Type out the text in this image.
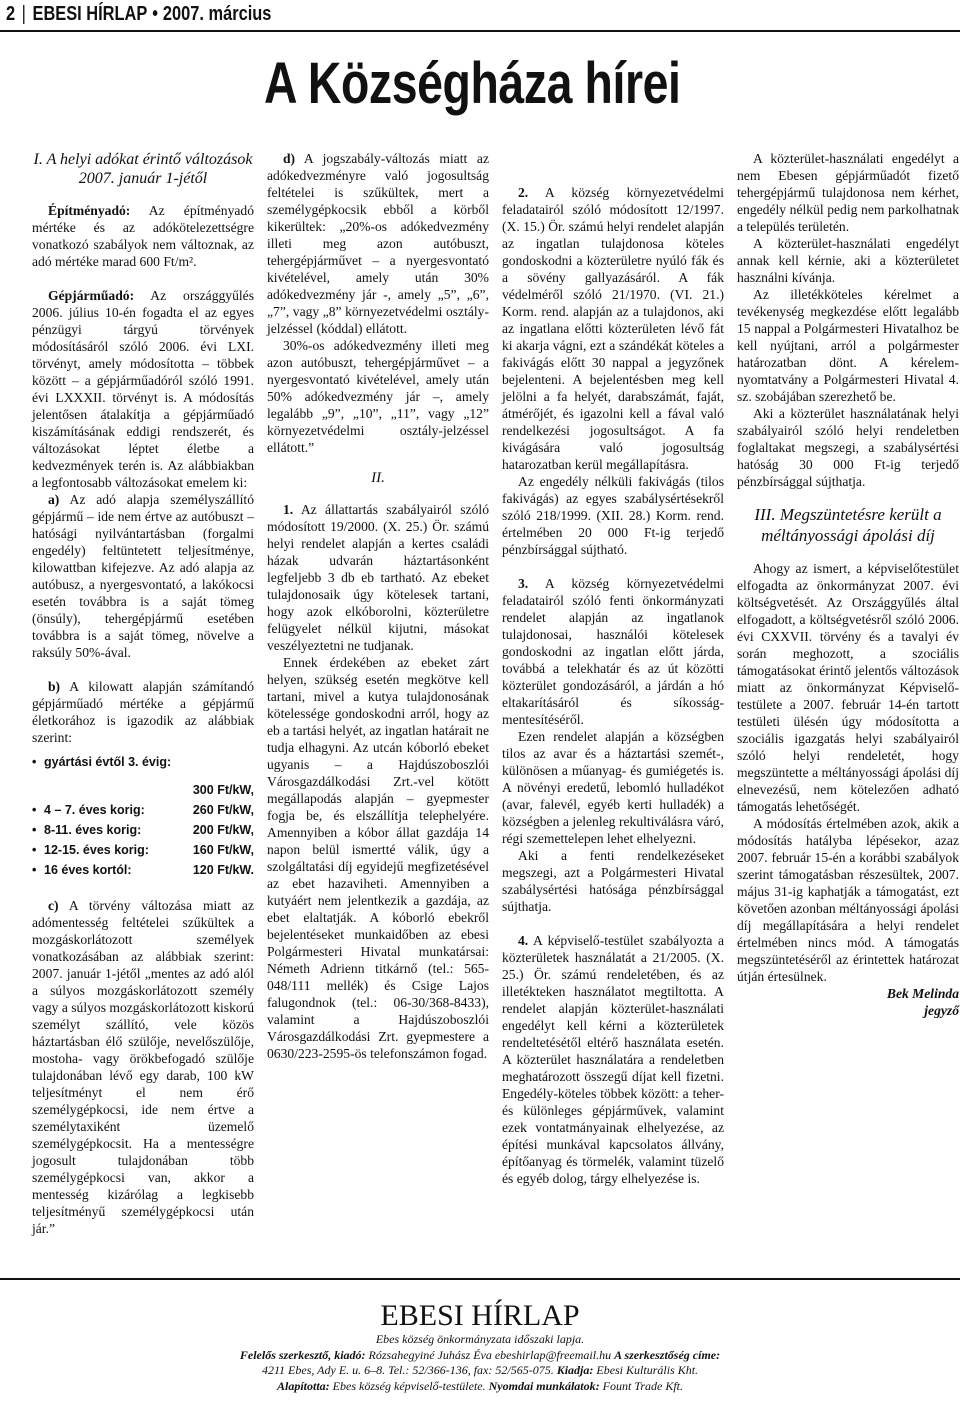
2 | EBESI HÍRLAP • 2007. március
A Községháza hírei
I. A helyi adókat érintő változások 2007. január 1-jétől

Építményadó: Az építményadó mértéke és az adókötelezettségre vonatkozó szabályok nem változnak, az adó mértéke marad 600 Ft/m².

Gépjárműadó: Az országgyűlés 2006. július 10-én fogadta el az egyes pénzügyi tárgyú törvények módosításáról szóló 2006. évi LXI. törvényt, amely módosította – többek között – a gépjárműadóról szóló 1991. évi LXXXII. törvényt is. A módosítás jelentősen átalakítja a gépjárműadó kiszámításának eddigi rendszerét, és változásokat léptet életbe a kedvezmények terén is. Az alábbiakban a legfontosabb változásokat emelem ki:

a) Az adó alapja személyszállító gépjármű – ide nem értve az autóbuszt – hatósági nyilvántartásban (forgalmi engedély) feltüntetett teljesítménye, kilowattban kifejezve. Az adó alapja az autóbusz, a nyergesvontató, a lakókocsi esetén továbbra is a saját tömeg (önsúly), tehergépjármű esetében továbbra is a saját tömeg, növelve a raksúly 50%-ával.

b) A kilowatt alapján számítandó gépjárműadó mértéke a gépjármű életkorához is igazodik az alábbiak szerint:

• gyártási évtől 3. évig:
300 Ft/kW,
• 4 – 7. éves korig:	260 Ft/kW,
• 8-11. éves korig:	200 Ft/kW,
• 12-15. éves korig:	160 Ft/kW,
• 16 éves kortól:	120 Ft/kW.

c) A törvény változása miatt az adómentesség feltételei szűkültek a mozgáskorlátozott személyek vonatkozásában az alábbiak szerint: 2007. január 1-jétől „mentes az adó alól a súlyos mozgáskorlátozott személy vagy a súlyos mozgáskorlátozott kiskorú személyt szállító, vele közös háztartásban élő szülője, nevelőszülője, mostoha- vagy örökbefogadó szülője tulajdonában lévő egy darab, 100 kW teljesítményt el nem érő személygépkocsi, ide nem értve a személytaxiként üzemelő személygépkocsit. Ha a mentességre jogosult tulajdonában több személygépkocsi van, akkor a mentesség kizárólag a legkisebb teljesítményű személygépkocsi után jár.”

d) A jogszabály-változás miatt az adókedvezményre való jogosultság feltételei is szűkültek, mert a személygépkocsik ebből a körből kikerültek: „20%-os adókedvezmény illeti meg azon autóbuszt, tehergépjárművet – a nyergesvontató kivételével, amely után 30% adókedvezmény jár -, amely „5”, „6”, „7”, vagy „8” környezetvédelmi osztály-jelzéssel (kóddal) ellátott.

30%-os adókedvezmény illeti meg azon autóbuszt, tehergépjárművet – a nyergesvontató kivételével, amely után 50% adókedvezmény jár –, amely legalább „9”, „10”, „11”, vagy „12” környezetvédelmi osztály-jelzéssel ellátott.”

II.

1. Az állattartás szabályairól szóló módosított 19/2000. (X. 25.) Ör. számú helyi rendelet alapján a kertes családi házak udvarán háztartásonként legfeljebb 3 db eb tartható. Az ebeket tulajdonosaik úgy kötelesek tartani, hogy azok elkóborolni, közterületre felügyelet nélkül kijutni, másokat veszélyeztetni ne tudjanak.

Ennek érdekében az ebeket zárt helyen, szükség esetén megkötve kell tartani, mivel a kutya tulajdonosának kötelessége gondoskodni arról, hogy az eb a tartási helyét, az ingatlan határait ne tudja elhagyni. Az utcán kóborló ebeket ugyanis – a Hajdúszoboszlói Városgazdálkodási Zrt.-vel kötött megállapodás alapján – gyepmester fogja be, és elszállítja telephelyére. Amennyiben a kóbor állat gazdája 14 napon belül ismertté válik, úgy a szolgáltatási díj egyidejű megfizetésével az ebet hazaviheti. Amennyiben a kutyáért nem jelentkezik a gazdája, az ebet elaltatják. A kóborló ebekről bejelentéseket munkaidőben az ebesi Polgármesteri Hivatal munkatársai: Németh Adrienn titkárnő (tel.: 565-048/111 mellék) és Csige Lajos falugondnok (tel.: 06-30/368-8433), valamint a Hajdúszoboszlói Városgazdálkodási Zrt. gyepmestere a 0630/223-2595-ös telefonszámon fogad.

2. A község környezetvédelmi feladatairól szóló módosított 12/1997. (X. 15.) Ör. számú helyi rendelet alapján az ingatlan tulajdonosa köteles gondoskodni a közterületre nyúló fák és a sövény gallyazásáról. A fák védelméről szóló 21/1970. (VI. 21.) Korm. rend. alapján az a tulajdonos, aki az ingatlana előtti közterületen lévő fát ki akarja vágni, ezt a szándékát köteles a fakivágás előtt 30 nappal a jegyzőnek bejelenteni. A bejelentésben meg kell jelölni a fa helyét, darabszámát, faját, átmérőjét, és igazolni kell a fával való rendelkezési jogosultságot. A fa kivágására való jogosultság hatarozatban kerül megállapításra.

Az engedély nélküli fakivágás (tilos fakivágás) az egyes szabálysértésekről szóló 218/1999. (XII. 28.) Korm. rend. értelmében 20 000 Ft-ig terjedő pénzbírsággal sújtható.

3. A község környezetvédelmi feladatairól szóló fenti önkormányzati rendelet alapján az ingatlanok tulajdonosai, használói kötelesek gondoskodni az ingatlan előtt járda, továbbá a telekhatár és az út közötti közterület gondozásáról, a járdán a hó eltakarításáról és síkosság-mentesítéséről.

Ezen rendelet alapján a községben tilos az avar és a háztartási szemét-, különösen a műanyag- és gumiégetés is. A növényi eredetű, lebomló hulladékot (avar, falevél, egyéb kerti hulladék) a községben a jelenleg rekultiválásra váró, régi szemettelepen lehet elhelyezni.

Aki a fenti rendelkezéseket megszegi, azt a Polgármesteri Hivatal szabálysértési hatósága pénzbírsággal sújthatja.

4. A képviselő-testület szabályozta a közterületek használatát a 21/2005. (X. 25.) Ör. számú rendeletében, és az illetékteken használatot megtiltotta. A rendelet alapján közterület-használati engedélyt kell kérni a közterületek rendeltetésétől eltérő használata esetén. A közterület használatára a rendeletben meghatározott összegű díjat kell fizetni. Engedély-köteles többek között: a teher- és különleges gépjárművek, valamint ezek vontatmányainak elhelyezése, az építési munkával kapcsolatos állvány, építőanyag és törmelék, valamint tüzelő és egyéb dolog, tárgy elhelyezése is.

A közterület-használati engedélyt a nem Ebesen gépjárműadót fizető tehergépjármű tulajdonosa nem kérhet, engedély nélkül pedig nem parkolhatnak a település területén.

A közterület-használati engedélyt annak kell kérnie, aki a közterületet használni kívánja.

Az illetékköteles kérelmet a tevékenység megkezdése előtt legalább 15 nappal a Polgármesteri Hivatalhoz be kell nyújtani, arról a polgármester határozatban dönt. A kérelem-nyomtatvány a Polgármesteri Hivatal 4. sz. szobájában szerezhető be.

Aki a közterület használatának helyi szabályairól szóló helyi rendeletben foglaltakat megszegi, a szabálysértési hatóság 30 000 Ft-ig terjedő pénzbírsággal sújthatja.

III. Megszüntetésre került a méltányossági ápolási díj

Ahogy az ismert, a képviselőtestület elfogadta az önkormányzat 2007. évi költségvetését. Az Országgyűlés által elfogadott, a költségvetésről szóló 2006. évi CXXVII. törvény és a tavalyi év során meghozott, a szociális támogatásokat érintő jelentős változások miatt az önkormányzat Képviselő-testülete a 2007. február 14-én tartott testületi ülésén úgy módosította a szociális igazgatás helyi szabályairól szóló helyi rendeletét, hogy megszüntette a méltányossági ápolási díj elnevezésű, nem kötelezően adható támogatás lehetőségét.

A módosítás értelmében azok, akik a módosítás hatályba lépésekor, azaz 2007. február 15-én a korábbi szabályok szerint támogatásban részesültek, 2007. május 31-ig kaphatják a támogatást, ezt követően azonban méltányossági ápolási díj megállapítására a helyi rendelet értelmében nincs mód. A támogatás megszüntetéséről az érintettek határozat útján értesülnek.

Bek Melinda
jegyző
EBESI HÍRLAP
Ebes község önkormányzata időszaki lapja.
Felelős szerkesztő, kiadó: Rózsahegyiné Juhász Éva ebeshirlap@freemail.hu A szerkesztőség címe:
4211 Ebes, Ady E. u. 6–8. Tel.: 52/366-136, fax: 52/565-075. Kiadja: Ebesi Kulturális Kht.
Alapította: Ebes község képviselő-testülete. Nyomdai munkálatok: Fount Trade Kft.
